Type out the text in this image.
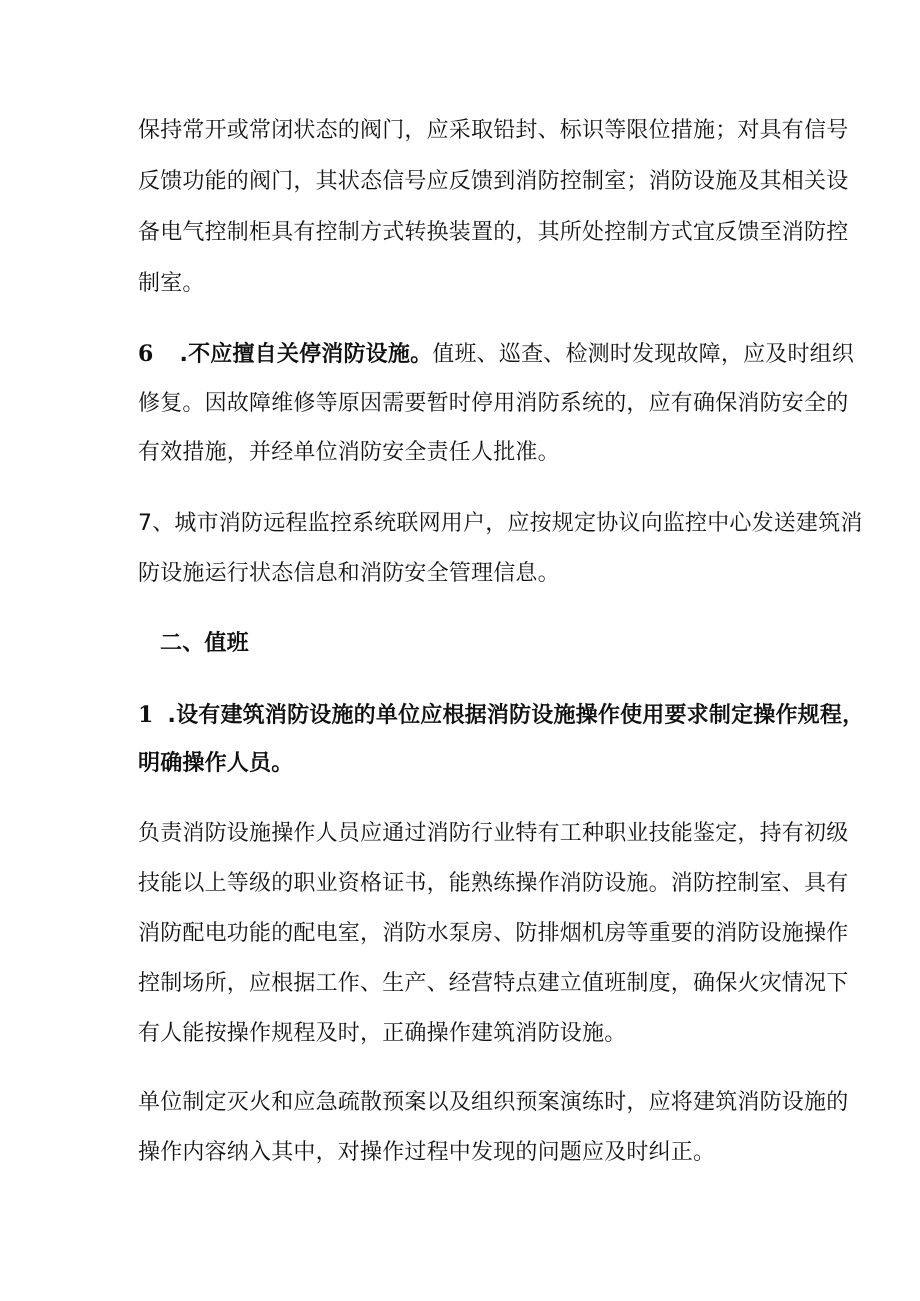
保持常开或常闭状态的阀门，应采取铅封、标识等限位措施；对具有信号
反馈功能的阀门，其状态信号应反馈到消防控制室；消防设施及其相关设
备电气控制柜具有控制方式转换装置的，其所处控制方式宜反馈至消防控
制室。
6 .不应擅自关停消防设施。值班、巡查、检测时发现故障，应及时组织
修复。因故障维修等原因需要暂时停用消防系统的，应有确保消防安全的
有效措施，并经单位消防安全责任人批准。
7、城市消防远程监控系统联网用户，应按规定协议向监控中心发送建筑消
防设施运行状态信息和消防安全管理信息。
二、值班
1 .设有建筑消防设施的单位应根据消防设施操作使用要求制定操作规程，
明确操作人员。
负责消防设施操作人员应通过消防行业特有工种职业技能鉴定，持有初级
技能以上等级的职业资格证书，能熟练操作消防设施。消防控制室、具有
消防配电功能的配电室，消防水泵房、防排烟机房等重要的消防设施操作
控制场所，应根据工作、生产、经营特点建立值班制度，确保火灾情况下
有人能按操作规程及时，正确操作建筑消防设施。
单位制定灭火和应急疏散预案以及组织预案演练时，应将建筑消防设施的
操作内容纳入其中，对操作过程中发现的问题应及时纠正。
